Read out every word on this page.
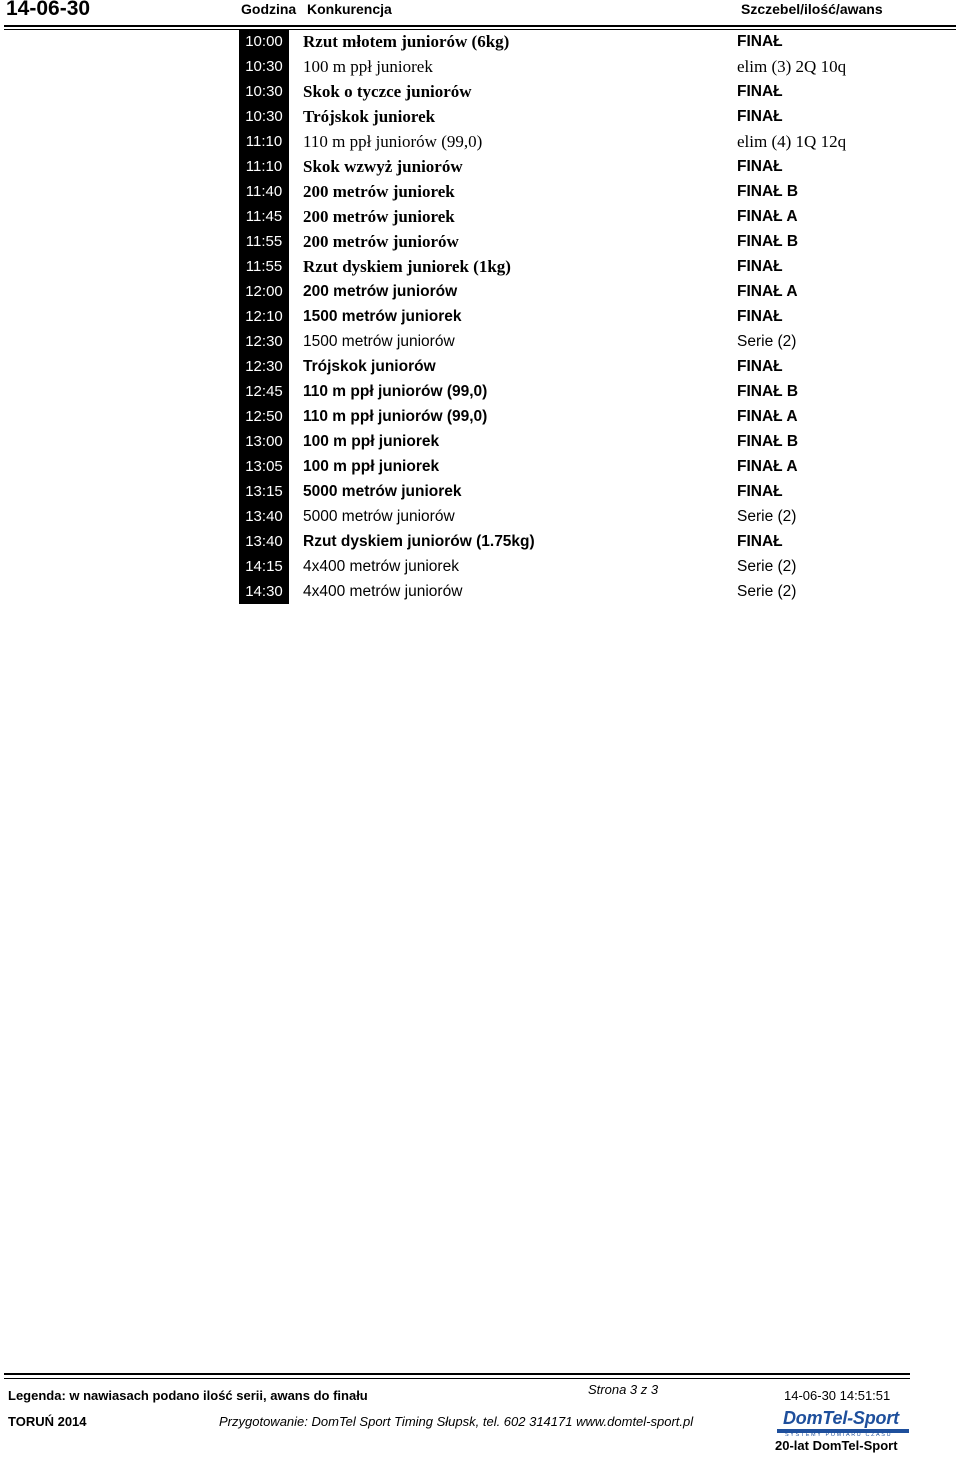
14-06-30	Godzina Konkurencja	Szczebel/ilość/awans
10:00	Rzut młotem juniorów (6kg)	FINAŁ
10:30	100 m ppł juniorek	elim (3) 2Q 10q
10:30	Skok o tyczce juniorów	FINAŁ
10:30	Trójskok juniorek	FINAŁ
11:10	110 m ppł juniorów (99,0)	elim (4) 1Q 12q
11:10	Skok wzwyż juniorów	FINAŁ
11:40	200 metrów juniorek	FINAŁ B
11:45	200 metrów juniorek	FINAŁ A
11:55	200 metrów juniorów	FINAŁ B
11:55	Rzut dyskiem juniorek (1kg)	FINAŁ
12:00	200 metrów juniorów	FINAŁ A
12:10	1500 metrów juniorek	FINAŁ
12:30	1500 metrów juniorów	Serie (2)
12:30	Trójskok juniorów	FINAŁ
12:45	110 m ppł juniorów (99,0)	FINAŁ B
12:50	110 m ppł juniorów (99,0)	FINAŁ A
13:00	100 m ppł juniorek	FINAŁ B
13:05	100 m ppł juniorek	FINAŁ A
13:15	5000 metrów juniorek	FINAŁ
13:40	5000 metrów juniorów	Serie (2)
13:40	Rzut dyskiem juniorów (1.75kg)	FINAŁ
14:15	4x400 metrów juniorek	Serie (2)
14:30	4x400 metrów juniorów	Serie (2)
Legenda: w nawiasach podano ilość serii, awans do finału	Strona 3 z 3	14-06-30 14:51:51
TORUŃ 2014	Przygotowanie: DomTel Sport Timing Słupsk, tel. 602 314171 www.domtel-sport.pl	DomTel-Sport
SYSTEMY POMIARU CZASU
20-lat DomTel-Sport
